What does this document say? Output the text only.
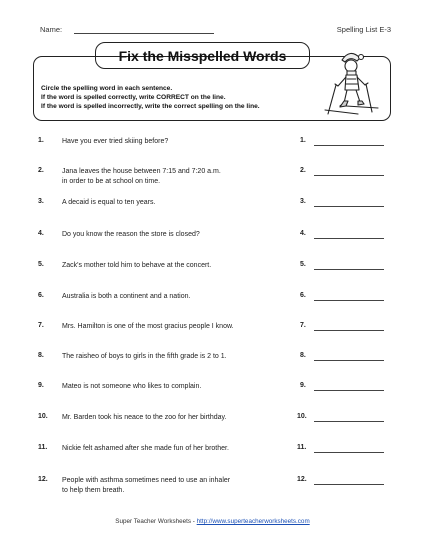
Name:	Spelling List E-3
Fix the Misspelled Words
Circle the spelling word in each sentence.
If the word is spelled correctly, write CORRECT on the line.
If the word is spelled incorrectly, write the correct spelling on the line.
1.	Have you ever tried skiing before?	1.
2.	Jana leaves the house between 7:15 and 7:20 a.m.
in order to be at school on time.
2.
3.	A decaid is equal to ten years.	3.
4.	Do you know the reason the store is closed?	4.
5.	Zack's mother told him to behave at the concert.	5.
6.	Australia is both a continent and a nation.	6.
7.	Mrs. Hamilton is one of the most gracius people I know.	7.
8.	The raisheo of boys to girls in the fifth grade is 2 to 1.	8.
9.	Mateo is not someone who likes to complain.	9.
10. Mr. Barden took his neace to the zoo for her birthday.	10.
11. Nickie felt ashamed after she made fun of her brother.	11.
12. People with asthma sometimes need to use an inhaler
to help them breath.
12.
Super Teacher Worksheets - http://www.superteacherworksheets.com
